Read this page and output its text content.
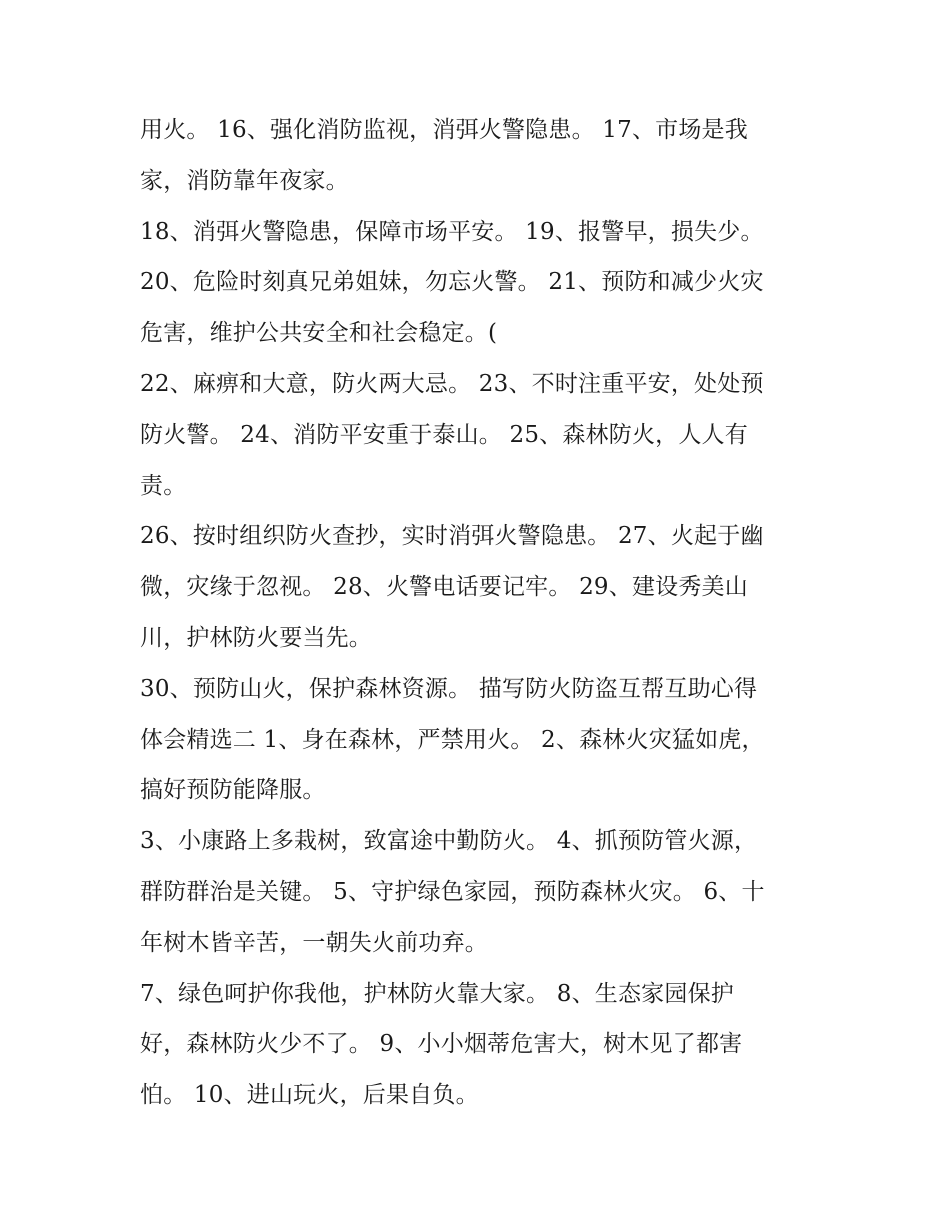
用火。 16、强化消防监视，消弭火警隐患。 17、市场是我
家，消防靠年夜家。
18、消弭火警隐患，保障市场平安。 19、报警早，损失少。
20、危险时刻真兄弟姐妹，勿忘火警。 21、预防和减少火灾
危害，维护公共安全和社会稳定。(
22、麻痹和大意，防火两大忌。 23、不时注重平安，处处预
防火警。 24、消防平安重于泰山。 25、森林防火，人人有
责。
26、按时组织防火查抄，实时消弭火警隐患。 27、火起于幽
微，灾缘于忽视。 28、火警电话要记牢。 29、建设秀美山
川，护林防火要当先。
30、预防山火，保护森林资源。 描写防火防盗互帮互助心得
体会精选二 1、身在森林，严禁用火。 2、森林火灾猛如虎，
搞好预防能降服。
3、小康路上多栽树，致富途中勤防火。 4、抓预防管火源，
群防群治是关键。 5、守护绿色家园，预防森林火灾。 6、十
年树木皆辛苦，一朝失火前功弃。
7、绿色呵护你我他，护林防火靠大家。 8、生态家园保护
好，森林防火少不了。 9、小小烟蒂危害大，树木见了都害
怕。 10、进山玩火，后果自负。
